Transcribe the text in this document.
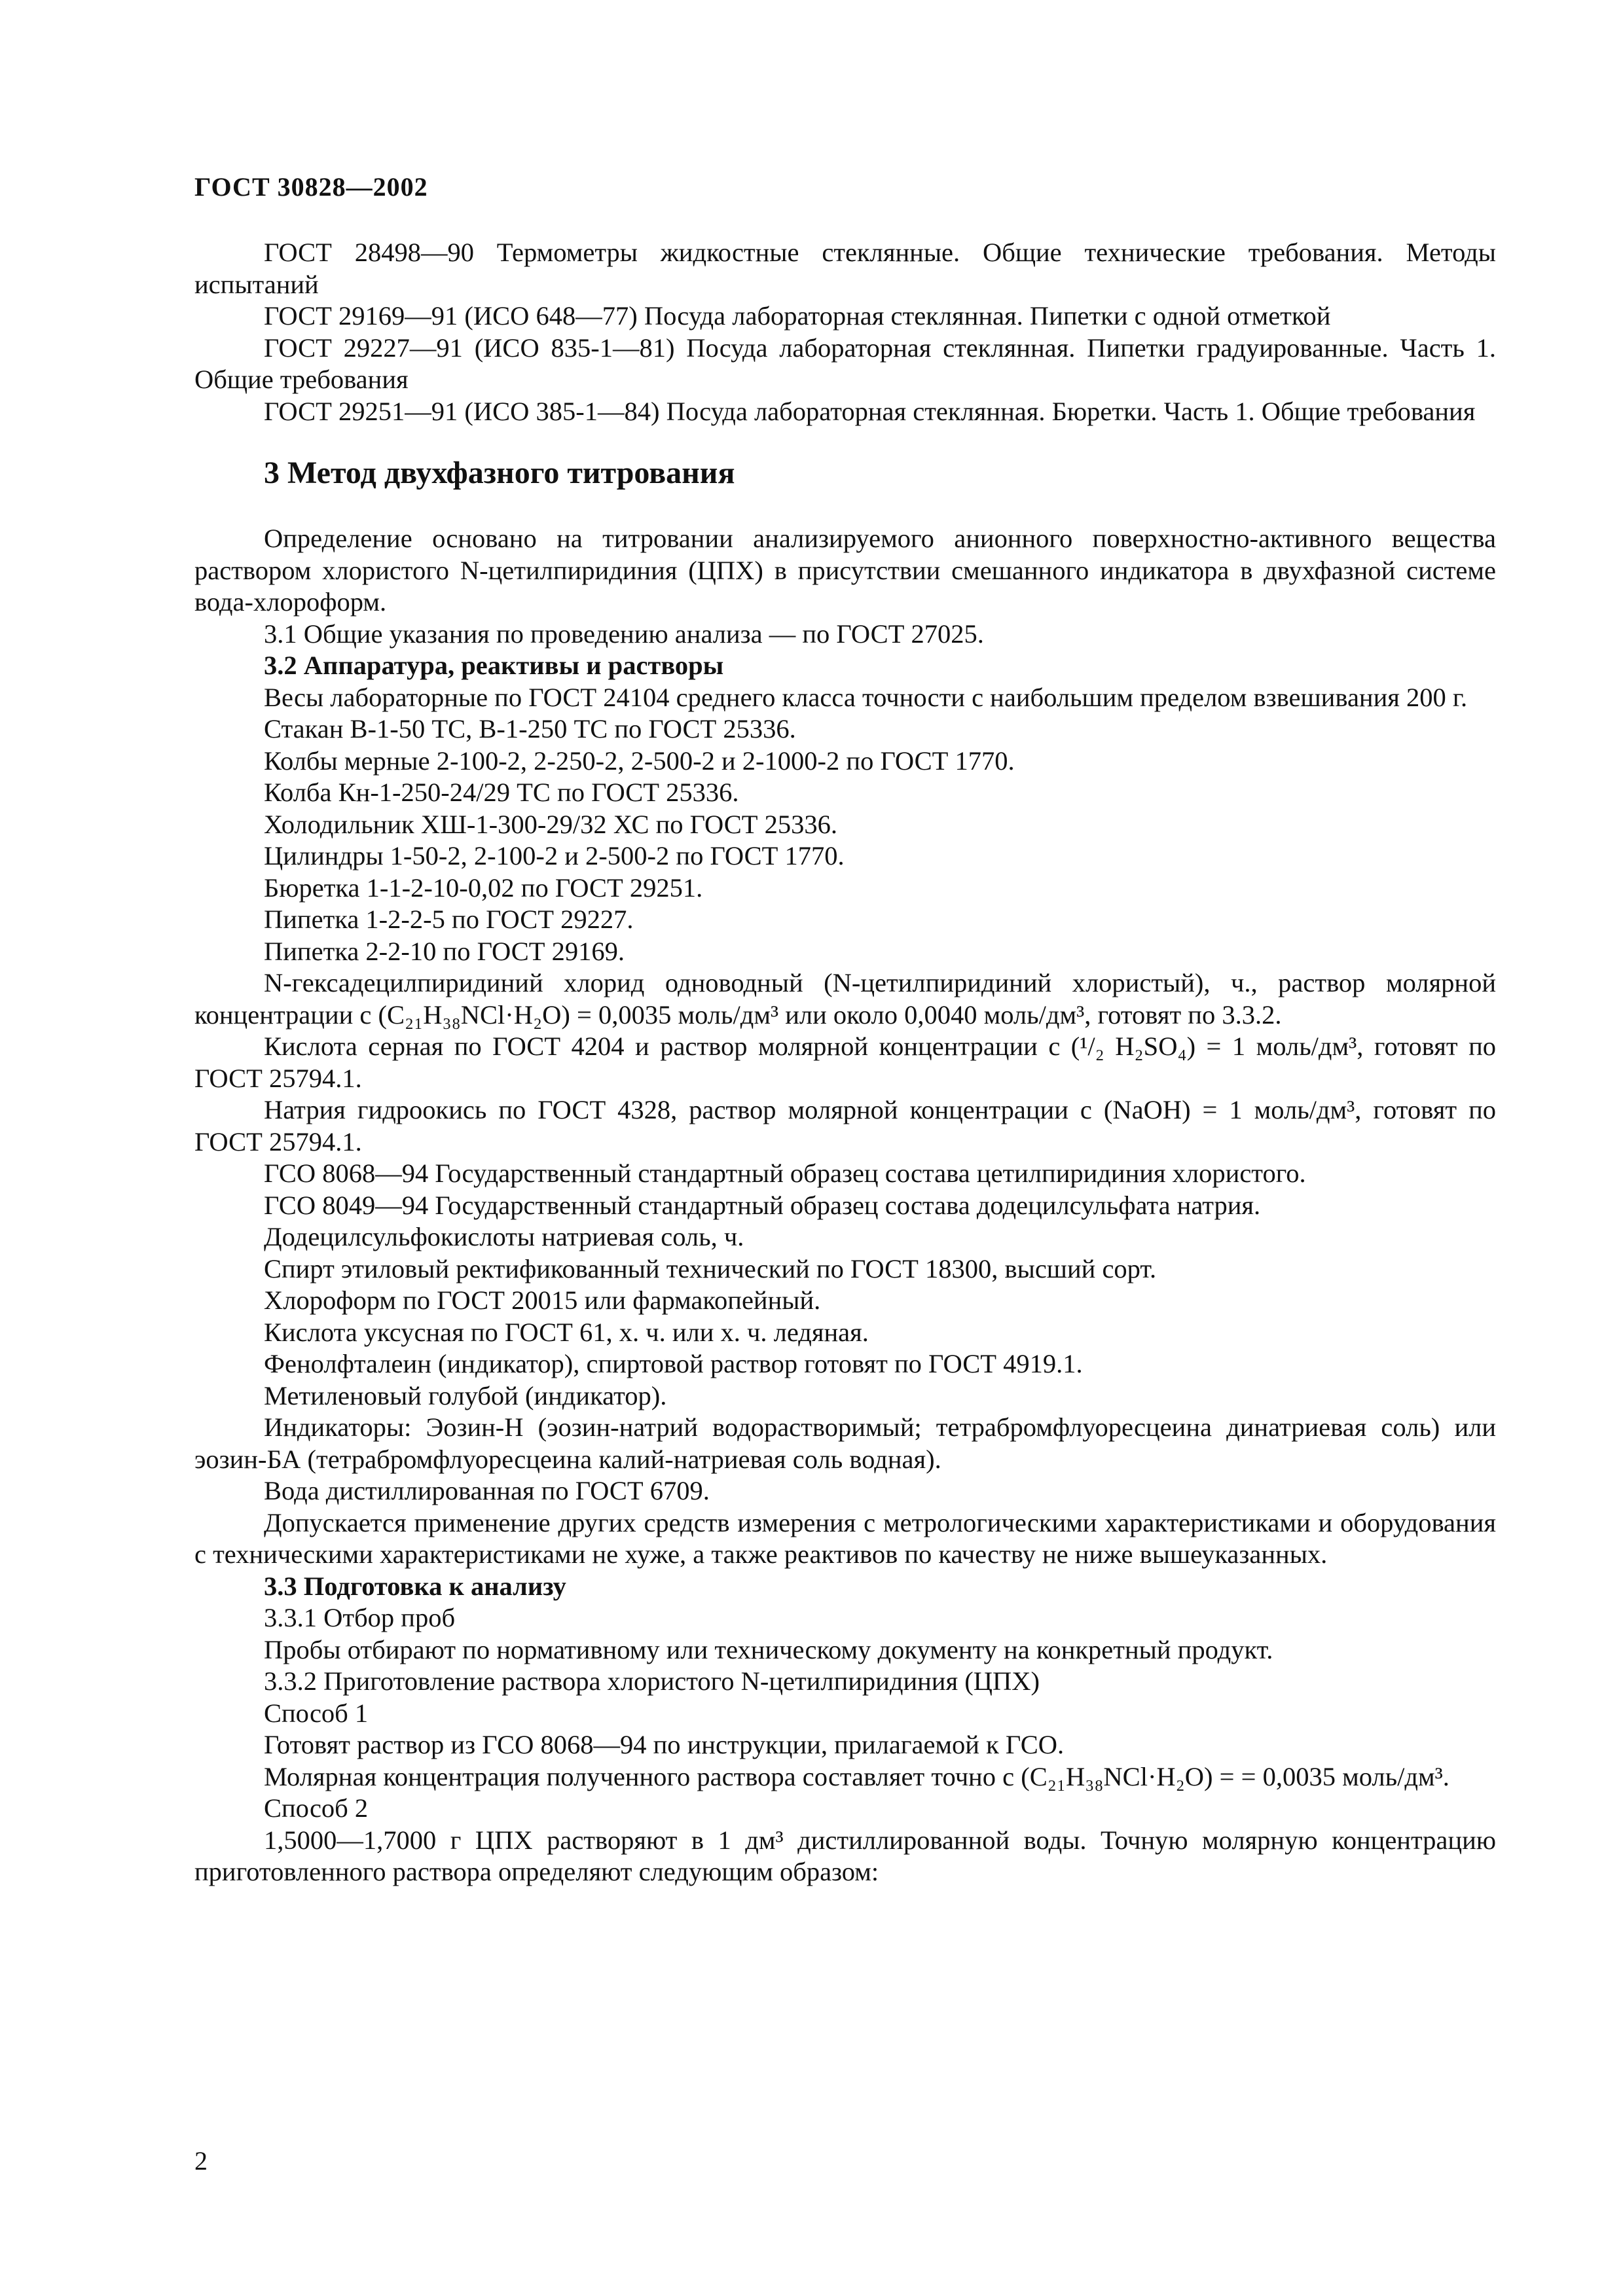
ГОСТ 30828—2002

ГОСТ 28498—90 Термометры жидкостные стеклянные. Общие технические требования. Методы испытаний

ГОСТ 29169—91 (ИСО 648—77) Посуда лабораторная стеклянная. Пипетки с одной отметкой

ГОСТ 29227—91 (ИСО 835-1—81) Посуда лабораторная стеклянная. Пипетки градуированные. Часть 1. Общие требования

ГОСТ 29251—91 (ИСО 385-1—84) Посуда лабораторная стеклянная. Бюретки. Часть 1. Общие требования

3 Метод двухфазного титрования

Определение основано на титровании анализируемого анионного поверхностно-активного вещества раствором хлористого N-цетилпиридиния (ЦПХ) в присутствии смешанного индикатора в двухфазной системе вода-хлороформ.

3.1 Общие указания по проведению анализа — по ГОСТ 27025.

3.2 Аппаратура, реактивы и растворы

Весы лабораторные по ГОСТ 24104 среднего класса точности с наибольшим пределом взвешивания 200 г.

Стакан В-1-50 ТС, В-1-250 ТС по ГОСТ 25336.

Колбы мерные 2-100-2, 2-250-2, 2-500-2 и 2-1000-2 по ГОСТ 1770.

Колба Кн-1-250-24/29 ТС по ГОСТ 25336.

Холодильник ХШ-1-300-29/32 ХС по ГОСТ 25336.

Цилиндры 1-50-2, 2-100-2 и 2-500-2 по ГОСТ 1770.

Бюретка 1-1-2-10-0,02 по ГОСТ 29251.

Пипетка 1-2-2-5 по ГОСТ 29227.

Пипетка 2-2-10 по ГОСТ 29169.

N-гексадецилпиридиний хлорид одноводный (N-цетилпиридиний хлористый), ч., раствор молярной концентрации c (C₂₁H₃₈NCl·H₂O) = 0,0035 моль/дм³ или около 0,0040 моль/дм³, готовят по 3.3.2.

Кислота серная по ГОСТ 4204 и раствор молярной концентрации c (¹/₂ H₂SO₄) = 1 моль/дм³, готовят по ГОСТ 25794.1.

Натрия гидроокись по ГОСТ 4328, раствор молярной концентрации c (NaOH) = 1 моль/дм³, готовят по ГОСТ 25794.1.

ГСО 8068—94 Государственный стандартный образец состава цетилпиридиния хлористого.

ГСО 8049—94 Государственный стандартный образец состава додецилсульфата натрия.

Додецилсульфокислоты натриевая соль, ч.

Спирт этиловый ректификованный технический по ГОСТ 18300, высший сорт.

Хлороформ по ГОСТ 20015 или фармакопейный.

Кислота уксусная по ГОСТ 61, х. ч. или х. ч. ледяная.

Фенолфталеин (индикатор), спиртовой раствор готовят по ГОСТ 4919.1.

Метиленовый голубой (индикатор).

Индикаторы: Эозин-Н (эозин-натрий водорастворимый; тетрабромфлуоресцеина динатриевая соль) или эозин-БА (тетрабромфлуоресцеина калий-натриевая соль водная).

Вода дистиллированная по ГОСТ 6709.

Допускается применение других средств измерения с метрологическими характеристиками и оборудования с техническими характеристиками не хуже, а также реактивов по качеству не ниже вышеуказанных.

3.3 Подготовка к анализу

3.3.1 Отбор проб

Пробы отбирают по нормативному или техническому документу на конкретный продукт.

3.3.2 Приготовление раствора хлористого N-цетилпиридиния (ЦПХ)

Способ 1

Готовят раствор из ГСО 8068—94 по инструкции, прилагаемой к ГСО.

Молярная концентрация полученного раствора составляет точно c (C₂₁H₃₈NCl·H₂O) = = 0,0035 моль/дм³.

Способ 2

1,5000—1,7000 г ЦПХ растворяют в 1 дм³ дистиллированной воды. Точную молярную концентрацию приготовленного раствора определяют следующим образом:

2
